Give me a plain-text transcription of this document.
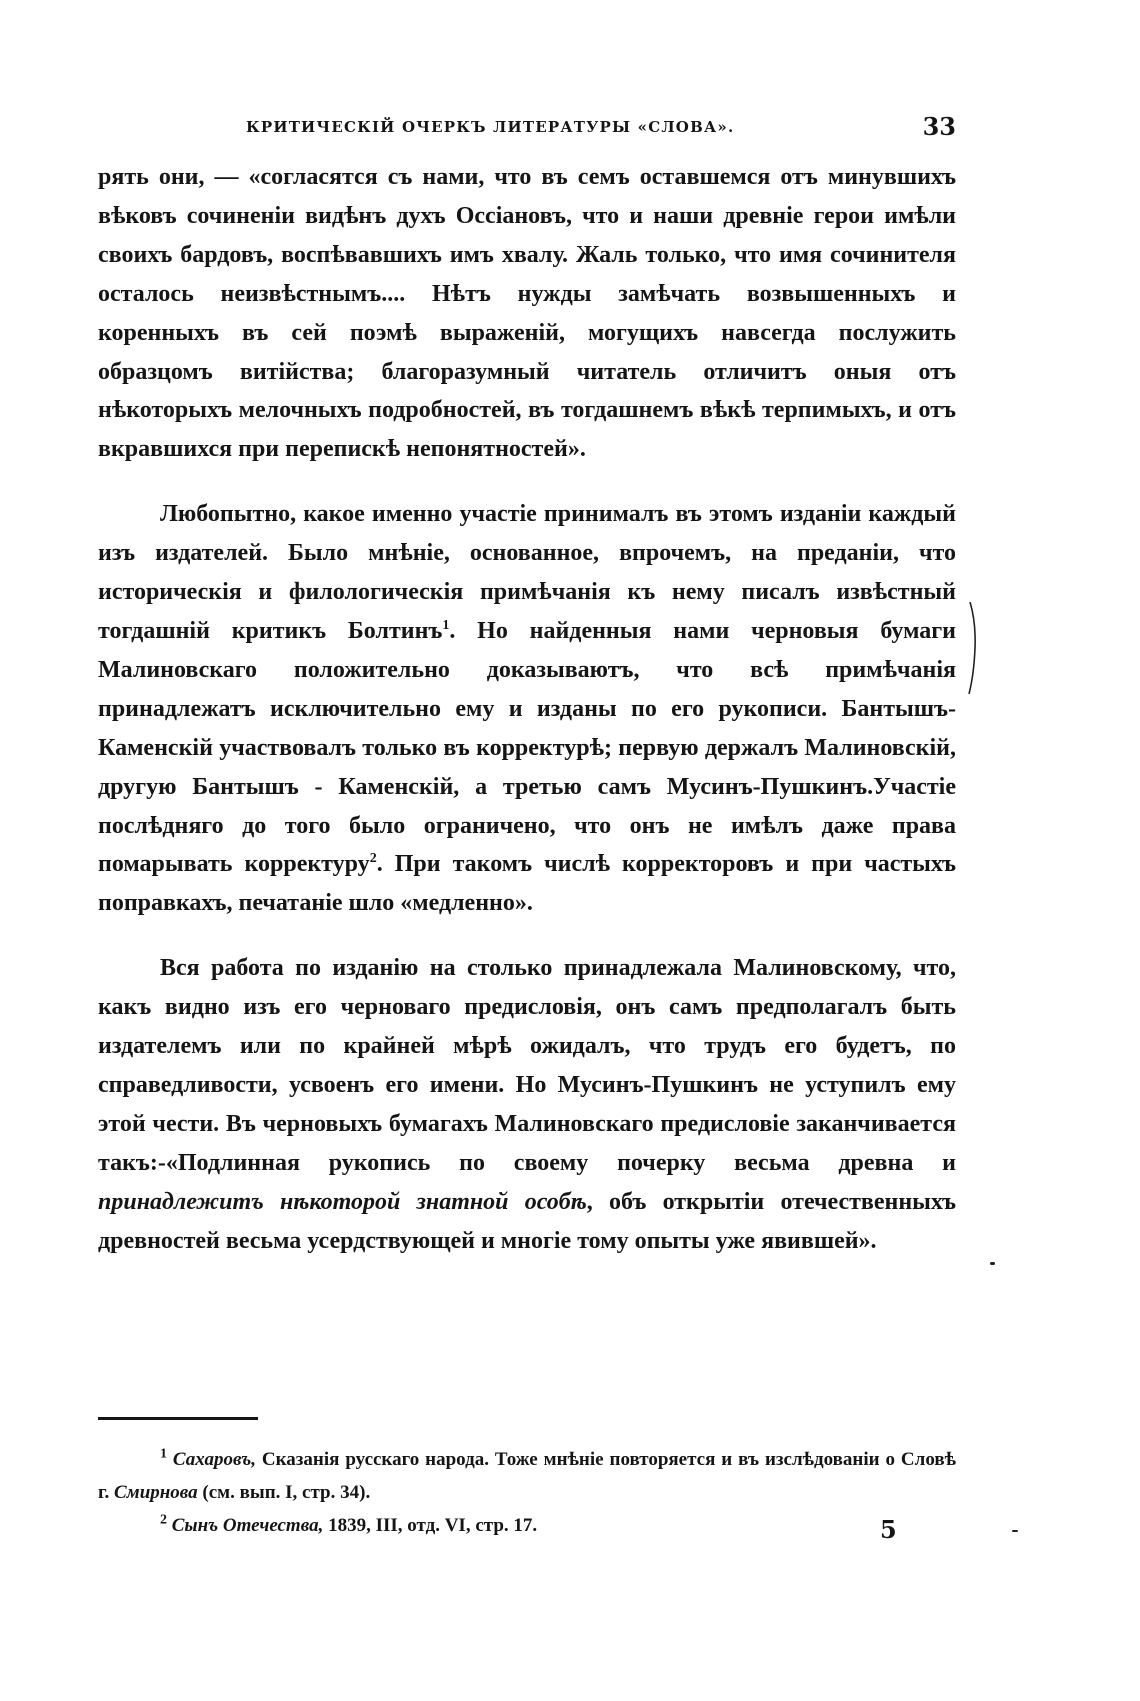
КРИТИЧЕСКІЙ ОЧЕРКЪ ЛИТЕРАТУРЫ «СЛОВА».	33

рять они, — «согласятся съ нами, что въ семъ оставшемся отъ минувшихъ вѣковъ сочиненіи видѣнъ духъ Оссіановъ, что и наши древніе герои имѣли своихъ бардовъ, воспѣвавшихъ имъ хвалу. Жаль только, что имя сочинителя осталось неизвѣстнымъ.... Нѣтъ нужды замѣчать возвышенныхъ и коренныхъ въ сей поэмѣ выраженій, могущихъ навсегда послужить образцомъ витійства; благоразумный читатель отличитъ оныя отъ нѣкоторыхъ мелочныхъ подробностей, въ тогдашнемъ вѣкѣ терпимыхъ, и отъ вкравшихся при перепискѣ непонятностей».

Любопытно, какое именно участіе принималъ въ этомъ изданіи каждый изъ издателей. Было мнѣніе, основанное, впрочемъ, на преданіи, что историческія и филологическія примѣчанія къ нему писалъ извѣстный тогдашній критикъ Болтинъ$^1$. Но найденныя нами черновыя бумаги Малиновскаго положительно доказываютъ, что всѣ примѣчанія принадлежатъ исключительно ему и изданы по его рукописи. Бантышъ-Каменскій участвовалъ только въ корректурѣ; первую держалъ Малиновскій, другую Бантышъ - Каменскій, а третью самъ Мусинъ-Пушкинъ.Участіе послѣдняго до того было ограничено, что онъ не имѣлъ даже права помарывать корректуру$^2$. При такомъ числѣ корректоровъ и при частыхъ поправкахъ, печатаніе шло «медленно».

Вся работа по изданію на столько принадлежала Малиновскому, что, какъ видно изъ его черноваго предисловія, онъ самъ предполагалъ быть издателемъ или по крайней мѣрѣ ожидалъ, что трудъ его будетъ, по справедливости, усвоенъ его имени. Но Мусинъ-Пушкинъ не уступилъ ему этой чести. Въ черновыхъ бумагахъ Малиновскаго предисловіе заканчивается такъ:-«Подлинная рукопись по своему почерку весьма древна и принадлежитъ нѣкоторой знатной особѣ, объ открытіи отечественныхъ древностей весьма усердствующей и многіе тому опыты уже явившей».

$^1$ Сахаровъ, Сказанія русскаго народа. Тоже мнѣніе повторяется и въ изслѣдованіи о Словѣ г. Смирнова (см. вып. I, стр. 34).

$^2$ Сынъ Отечества, 1839, III, отд. VI, стр. 17.	5
